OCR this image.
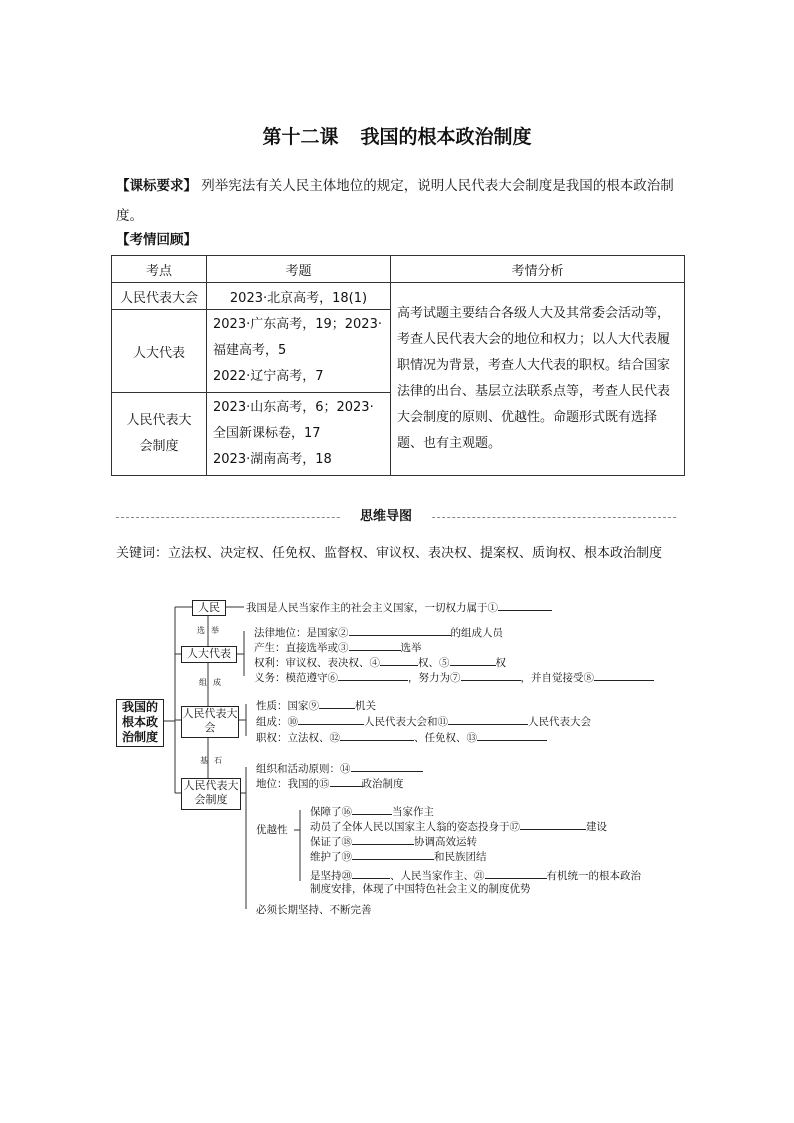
第十二课 我国的根本政治制度
【课标要求】 列举宪法有关人民主体地位的规定，说明人民代表大会制度是我国的根本政治制度。
【考情回顾】
考点	考题	考情分析
人民代表大会	2023·北京高考，18(1)	高考试题主要结合各级人大及其常委会活动等，考查人民代表大会的地位和权力；以人大代表履职情况为背景，考查人大代表的职权。结合国家法律的出台、基层立法联系点等，考查人民代表大会制度的原则、优越性。命题形式既有选择题、也有主观题。
人大代表	2023·广东高考，19；2023·福建高考，5
2022·辽宁高考，7	

人民代表大会制度	2023·山东高考，6；2023·全国新课标卷，17
2023·湖南高考，18	
思维导图
关键词：立法权、决定权、任免权、监督权、审议权、表决权、提案权、质询权、根本政治制度
我国的根本政治制度
人民
选举
人大代表
组成
人民代表大会
基石
人民代表大会制度
我国是人民当家作主的社会主义国家，一切权力属于①
法律地位：是国家②	的组成人员
产生：直接选举或③	选举
权利：审议权、表决权、④	权、⑤	权
义务：模范遵守⑥	，努力为⑦	，并自觉接受⑧
性质：国家⑨	机关
组成：⑩	人民代表大会和⑪	人民代表大会
职权：立法权、⑫	、任免权、⑬
组织和活动原则：⑭
地位：我国的⑮	政治制度
优越性
保障了⑯	当家作主
动员了全体人民以国家主人翁的姿态投身于⑰	建设
保证了⑱	协调高效运转
维护了⑲	和民族团结
是坚持⑳	、人民当家作主、㉑	有机统一的根本政治
制度安排，体现了中国特色社会主义的制度优势
必须长期坚持、不断完善
